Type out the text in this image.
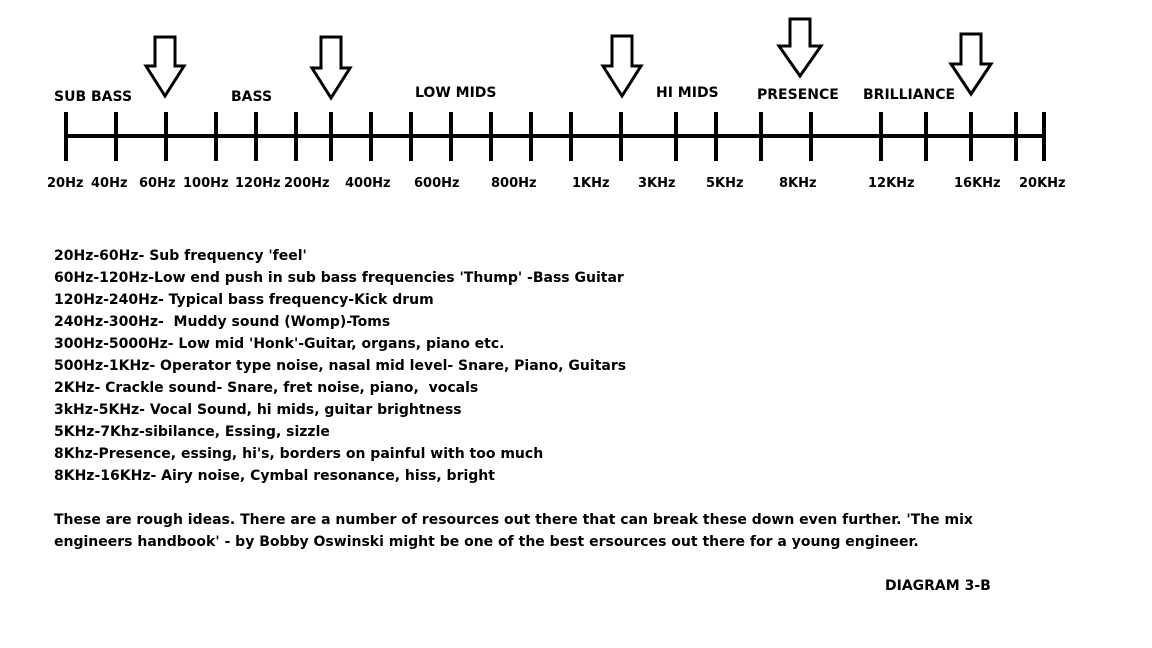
SUB BASS	BASS	LOW MIDS	HI MIDS	PRESENCE BRILLIANCE
20Hz 40Hz 60Hz 100Hz 120Hz 200Hz 400Hz 600Hz 800Hz	1KHz 3KHz 5KHz	8KHz	12KHz	16KHz 20KHz
20Hz-60Hz- Sub frequency 'feel'
60Hz-120Hz-Low end push in sub bass frequencies 'Thump' -Bass Guitar
120Hz-240Hz- Typical bass frequency-Kick drum
240Hz-300Hz-  Muddy sound (Womp)-Toms
300Hz-5000Hz- Low mid 'Honk'-Guitar, organs, piano etc.
500Hz-1KHz- Operator type noise, nasal mid level- Snare, Piano, Guitars
2KHz- Crackle sound- Snare, fret noise, piano,  vocals
3kHz-5KHz- Vocal Sound, hi mids, guitar brightness
5KHz-7Khz-sibilance, Essing, sizzle
8Khz-Presence, essing, hi's, borders on painful with too much
8KHz-16KHz- Airy noise, Cymbal resonance, hiss, bright
These are rough ideas. There are a number of resources out there that can break these down even further. 'The mix engineers handbook' - by Bobby Oswinski might be one of the best ersources out there for a young engineer.
DIAGRAM 3-B
